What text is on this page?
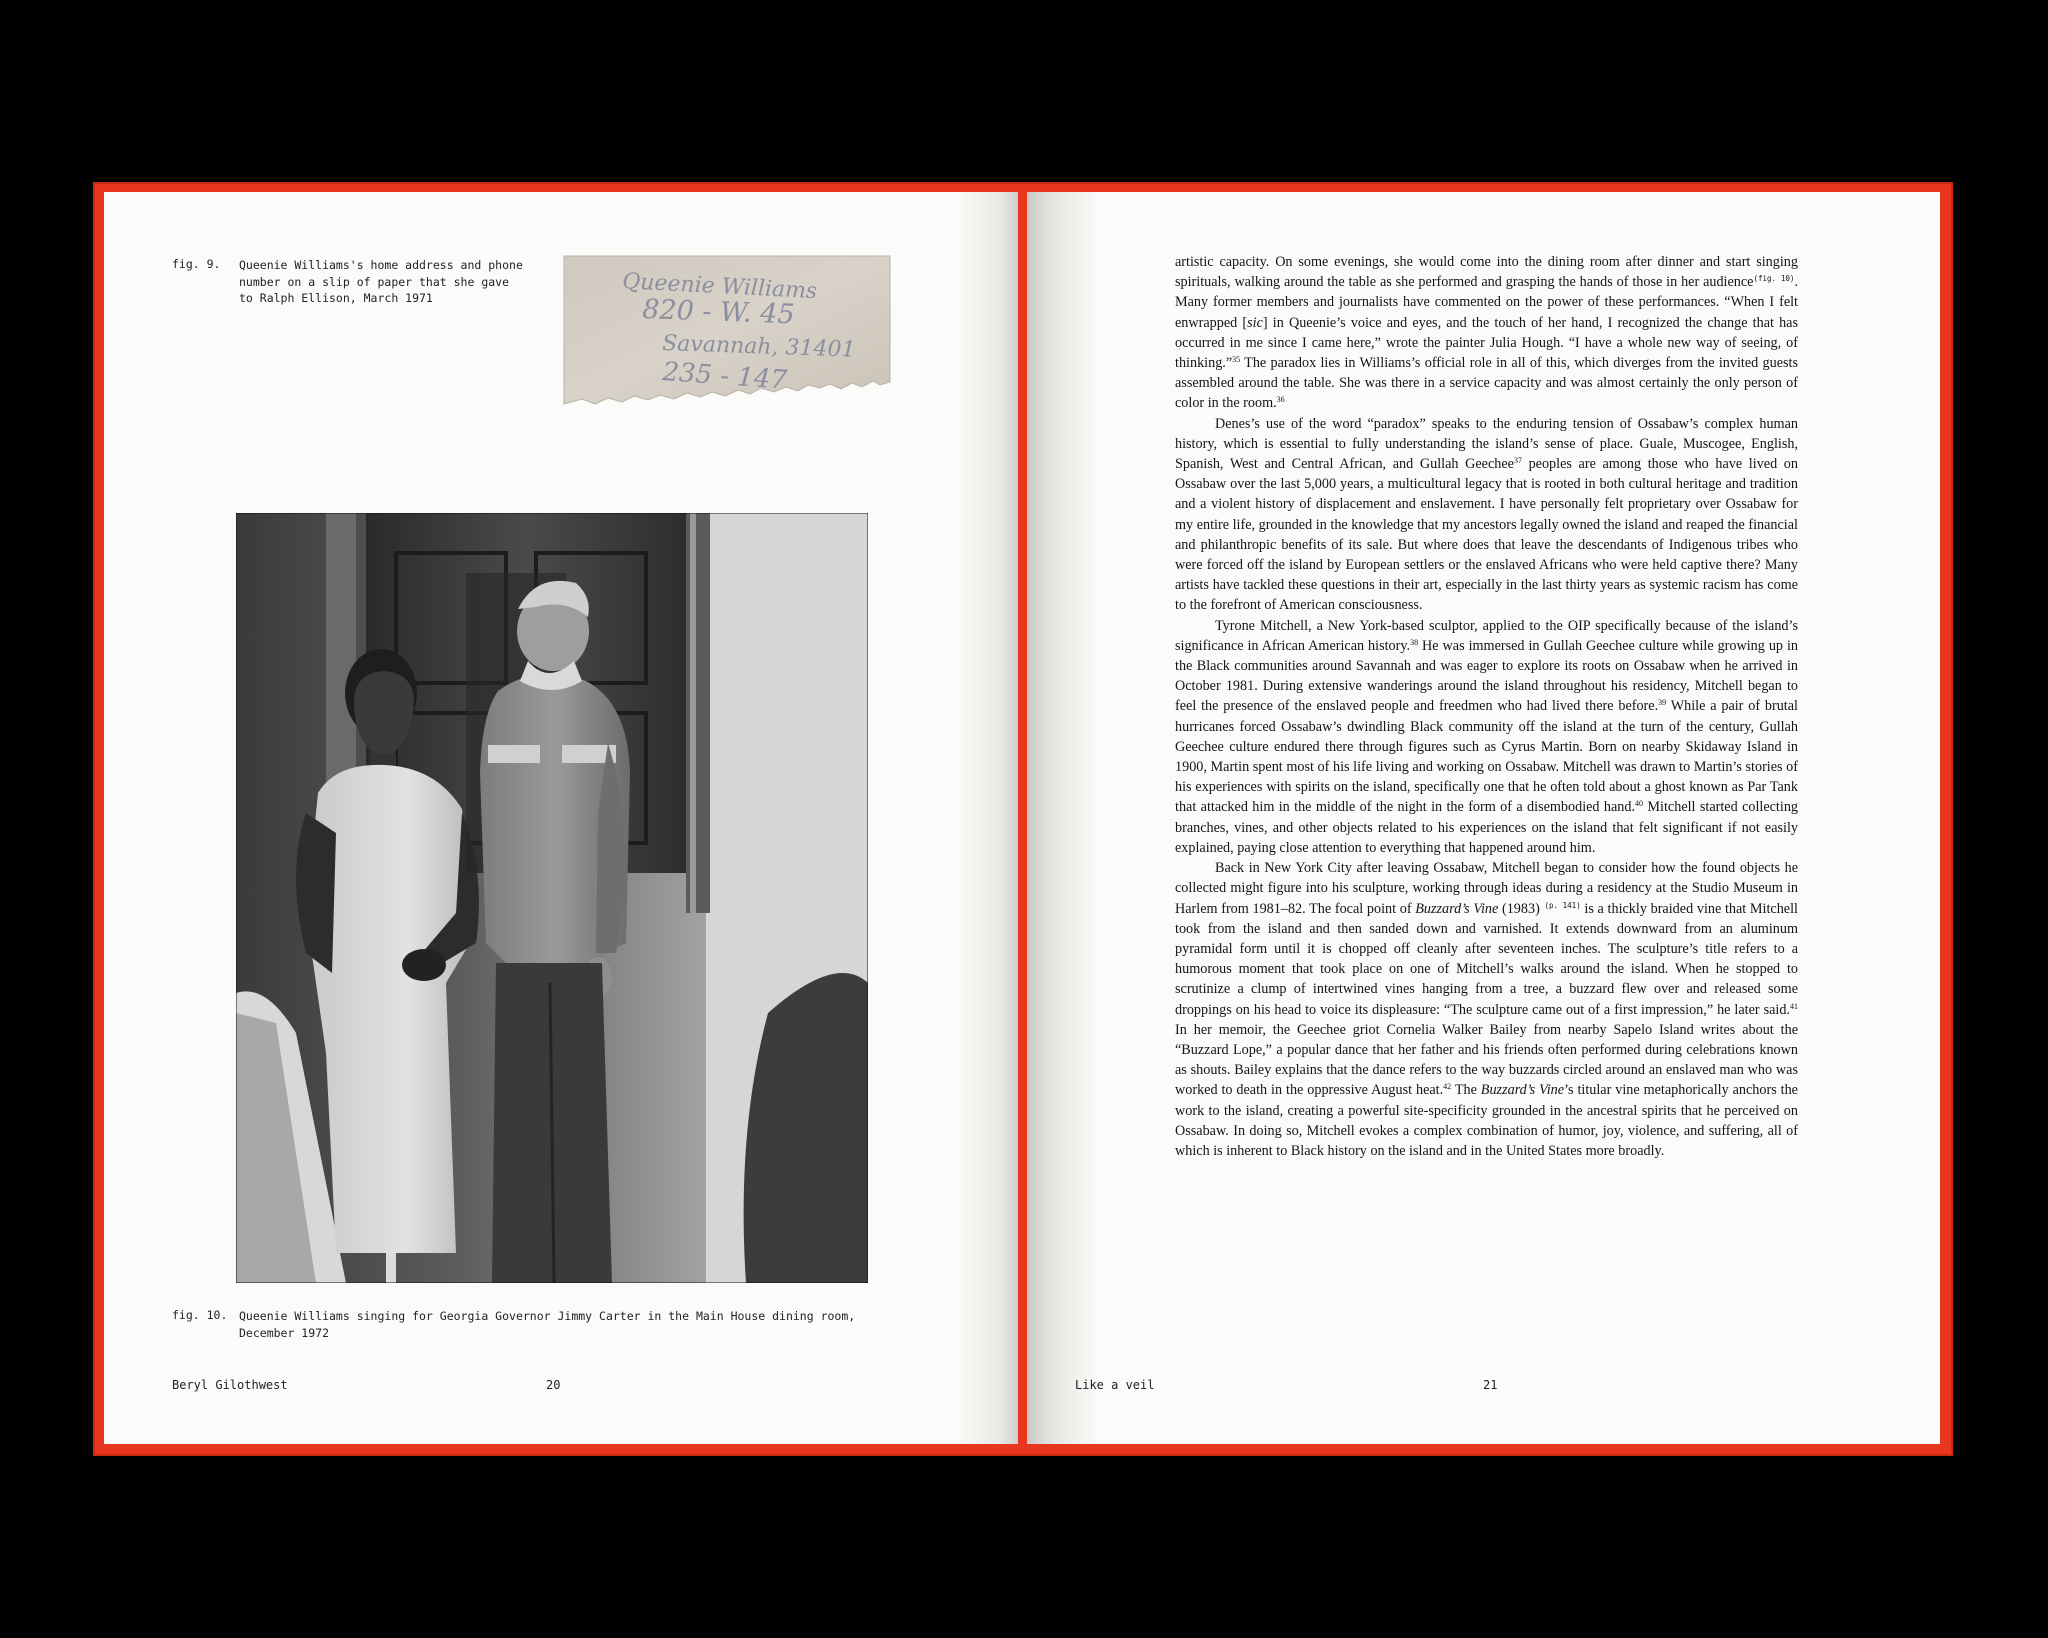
fig. 9. Queenie Williams's home address and phone number on a slip of paper that she gave to Ralph Ellison, March 1971	Queenie Williams
820 - W. 45
Savannah, 31401
235 - 147
fig. 10. Queenie Williams singing for Georgia Governor Jimmy Carter in the Main House dining room, December 1972
Beryl Gilothwest	20

artistic capacity. On some evenings, she would come into the dining room after dinner and start singing spirituals, walking around the table as she performed and grasping the hands of those in her audience$^{(fig. 10)}$. Many former members and journalists have commented on the power of these performances. “When I felt enwrapped [sic] in Queenie’s voice and eyes, and the touch of her hand, I recognized the change that has occurred in me since I came here,” wrote the painter Julia Hough. “I have a whole new way of seeing, of thinking.”$^{35}$ The paradox lies in Williams’s official role in all of this, which diverges from the invited guests assembled around the table. She was there in a service capacity and was almost certainly the only person of color in the room.$^{36}$

Denes’s use of the word “paradox” speaks to the enduring tension of Ossabaw’s complex human history, which is essential to fully understanding the island’s sense of place. Guale, Muscogee, English, Spanish, West and Central African, and Gullah Geechee$^{37}$ peoples are among those who have lived on Ossabaw over the last 5,000 years, a multicultural legacy that is rooted in both cultural heritage and tradition and a violent history of displacement and enslavement. I have personally felt proprietary over Ossabaw for my entire life, grounded in the knowledge that my ancestors legally owned the island and reaped the financial and philanthropic benefits of its sale. But where does that leave the descendants of Indigenous tribes who were forced off the island by European settlers or the enslaved Africans who were held captive there? Many artists have tackled these questions in their art, especially in the last thirty years as systemic racism has come to the forefront of American consciousness.

Tyrone Mitchell, a New York-based sculptor, applied to the OIP specifically because of the island’s significance in African American history.$^{38}$ He was immersed in Gullah Geechee culture while growing up in the Black communities around Savannah and was eager to explore its roots on Ossabaw when he arrived in October 1981. During extensive wanderings around the island throughout his residency, Mitchell began to feel the presence of the enslaved people and freedmen who had lived there before.$^{39}$ While a pair of brutal hurricanes forced Ossabaw’s dwindling Black community off the island at the turn of the century, Gullah Geechee culture endured there through figures such as Cyrus Martin. Born on nearby Skidaway Island in 1900, Martin spent most of his life living and working on Ossabaw. Mitchell was drawn to Martin’s stories of his experiences with spirits on the island, specifically one that he often told about a ghost known as Par Tank that attacked him in the middle of the night in the form of a disembodied hand.$^{40}$ Mitchell started collecting branches, vines, and other objects related to his experiences on the island that felt significant if not easily explained, paying close attention to everything that happened around him.

Back in New York City after leaving Ossabaw, Mitchell began to consider how the found objects he collected might figure into his sculpture, working through ideas during a residency at the Studio Museum in Harlem from 1981–82. The focal point of Buzzard’s Vine (1983) $^{(p. 141)}$ is a thickly braided vine that Mitchell took from the island and then sanded down and varnished. It extends downward from an aluminum pyramidal form until it is chopped off cleanly after seventeen inches. The sculpture’s title refers to a humorous moment that took place on one of Mitchell’s walks around the island. When he stopped to scrutinize a clump of intertwined vines hanging from a tree, a buzzard flew over and released some droppings on his head to voice its displeasure: “The sculpture came out of a first impression,” he later said.$^{41}$ In her memoir, the Geechee griot Cornelia Walker Bailey from nearby Sapelo Island writes about the “Buzzard Lope,” a popular dance that her father and his friends often performed during celebrations known as shouts. Bailey explains that the dance refers to the way buzzards circled around an enslaved man who was worked to death in the oppressive August heat.$^{42}$ The Buzzard’s Vine’s titular vine metaphorically anchors the work to the island, creating a powerful site-specificity grounded in the ancestral spirits that he perceived on Ossabaw. In doing so, Mitchell evokes a complex combination of humor, joy, violence, and suffering, all of which is inherent to Black history on the island and in the United States more broadly.

Like a veil	21
